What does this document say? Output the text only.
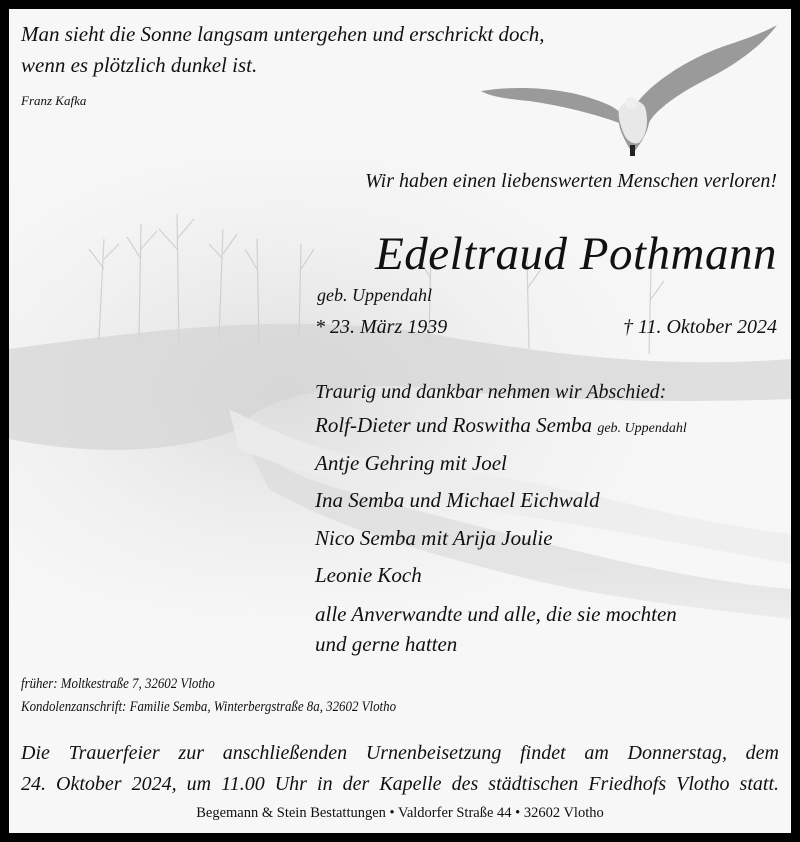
Man sieht die Sonne langsam untergehen und erschrickt doch,
wenn es plötzlich dunkel ist.
Franz Kafka
Wir haben einen liebenswerten Menschen verloren!
Edeltraud Pothmann
geb. Uppendahl
* 23. März 1939	† 11. Oktober 2024
Traurig und dankbar nehmen wir Abschied:
Rolf-Dieter und Roswitha Semba geb. Uppendahl
Antje Gehring mit Joel
Ina Semba und Michael Eichwald
Nico Semba mit Arija Joulie
Leonie Koch
alle Anverwandte und alle, die sie mochten
und gerne hatten
früher: Moltkestraße 7, 32602 Vlotho
Kondolenzanschrift: Familie Semba, Winterbergstraße 8a, 32602 Vlotho
Die Trauerfeier zur anschließenden Urnenbeisetzung findet am Donnerstag, dem
24. Oktober 2024, um 11.00 Uhr in der Kapelle des städtischen Friedhofs Vlotho statt.
Begemann & Stein Bestattungen • Valdorfer Straße 44 • 32602 Vlotho
